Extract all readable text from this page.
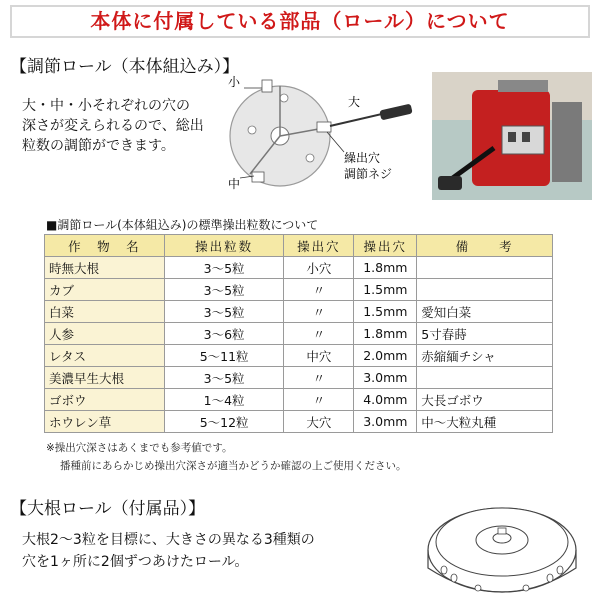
本体に付属している部品（ロール）について
【調節ロール（本体組込み）】
大・中・小それぞれの穴の
深さが変えられるので、総出
粒数の調節ができます。
小
中
大
繰出穴
調節ネジ
■調節ロール(本体組込み)の標準操出粒数について
作　物　名	操出粒数	操出穴	操出穴	備　　考
時無大根	3〜5粒	小穴	1.8mm	
カブ	3〜5粒	〃	1.5mm	
白菜	3〜5粒	〃	1.5mm	愛知白菜
人参	3〜6粒	〃	1.8mm	5寸春蒔
レタス	5〜11粒	中穴	2.0mm	赤縮緬チシャ
美濃早生大根	3〜5粒	〃	3.0mm	
ゴボウ	1〜4粒	〃	4.0mm	大長ゴボウ
ホウレン草	5〜12粒	大穴	3.0mm	中〜大粒丸種
※操出穴深さはあくまでも参考値です。
播種前にあらかじめ操出穴深さが適当かどうか確認の上ご使用ください。
【大根ロール（付属品）】
大根2〜3粒を目標に、大きさの異なる3種類の
穴を1ヶ所に2個ずつあけたロール。
